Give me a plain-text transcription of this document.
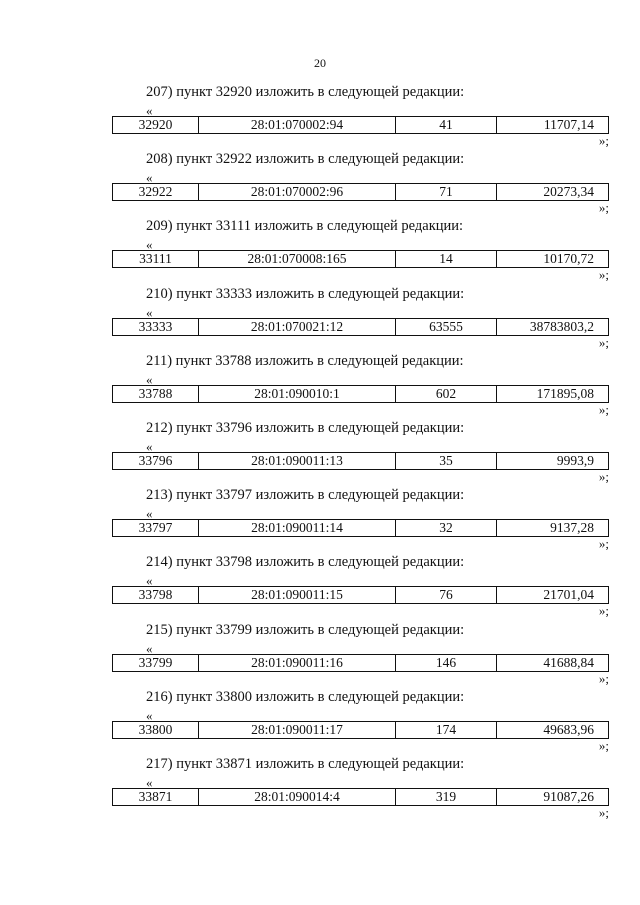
20
207) пункт 32920 изложить в следующей редакции:
«
32920	28:01:070002:94	41	11707,14
»;
208) пункт 32922 изложить в следующей редакции:
«
32922	28:01:070002:96	71	20273,34
»;
209) пункт 33111 изложить в следующей редакции:
«
33111	28:01:070008:165	14	10170,72
»;
210) пункт 33333 изложить в следующей редакции:
«
33333	28:01:070021:12	63555	38783803,2
»;
211) пункт 33788 изложить в следующей редакции:
«
33788	28:01:090010:1	602	171895,08
»;
212) пункт 33796 изложить в следующей редакции:
«
33796	28:01:090011:13	35	9993,9
»;
213) пункт 33797 изложить в следующей редакции:
«
33797	28:01:090011:14	32	9137,28
»;
214) пункт 33798 изложить в следующей редакции:
«
33798	28:01:090011:15	76	21701,04
»;
215) пункт 33799 изложить в следующей редакции:
«
33799	28:01:090011:16	146	41688,84
»;
216) пункт 33800 изложить в следующей редакции:
«
33800	28:01:090011:17	174	49683,96
»;
217) пункт 33871 изложить в следующей редакции:
«
33871	28:01:090014:4	319	91087,26
»;
